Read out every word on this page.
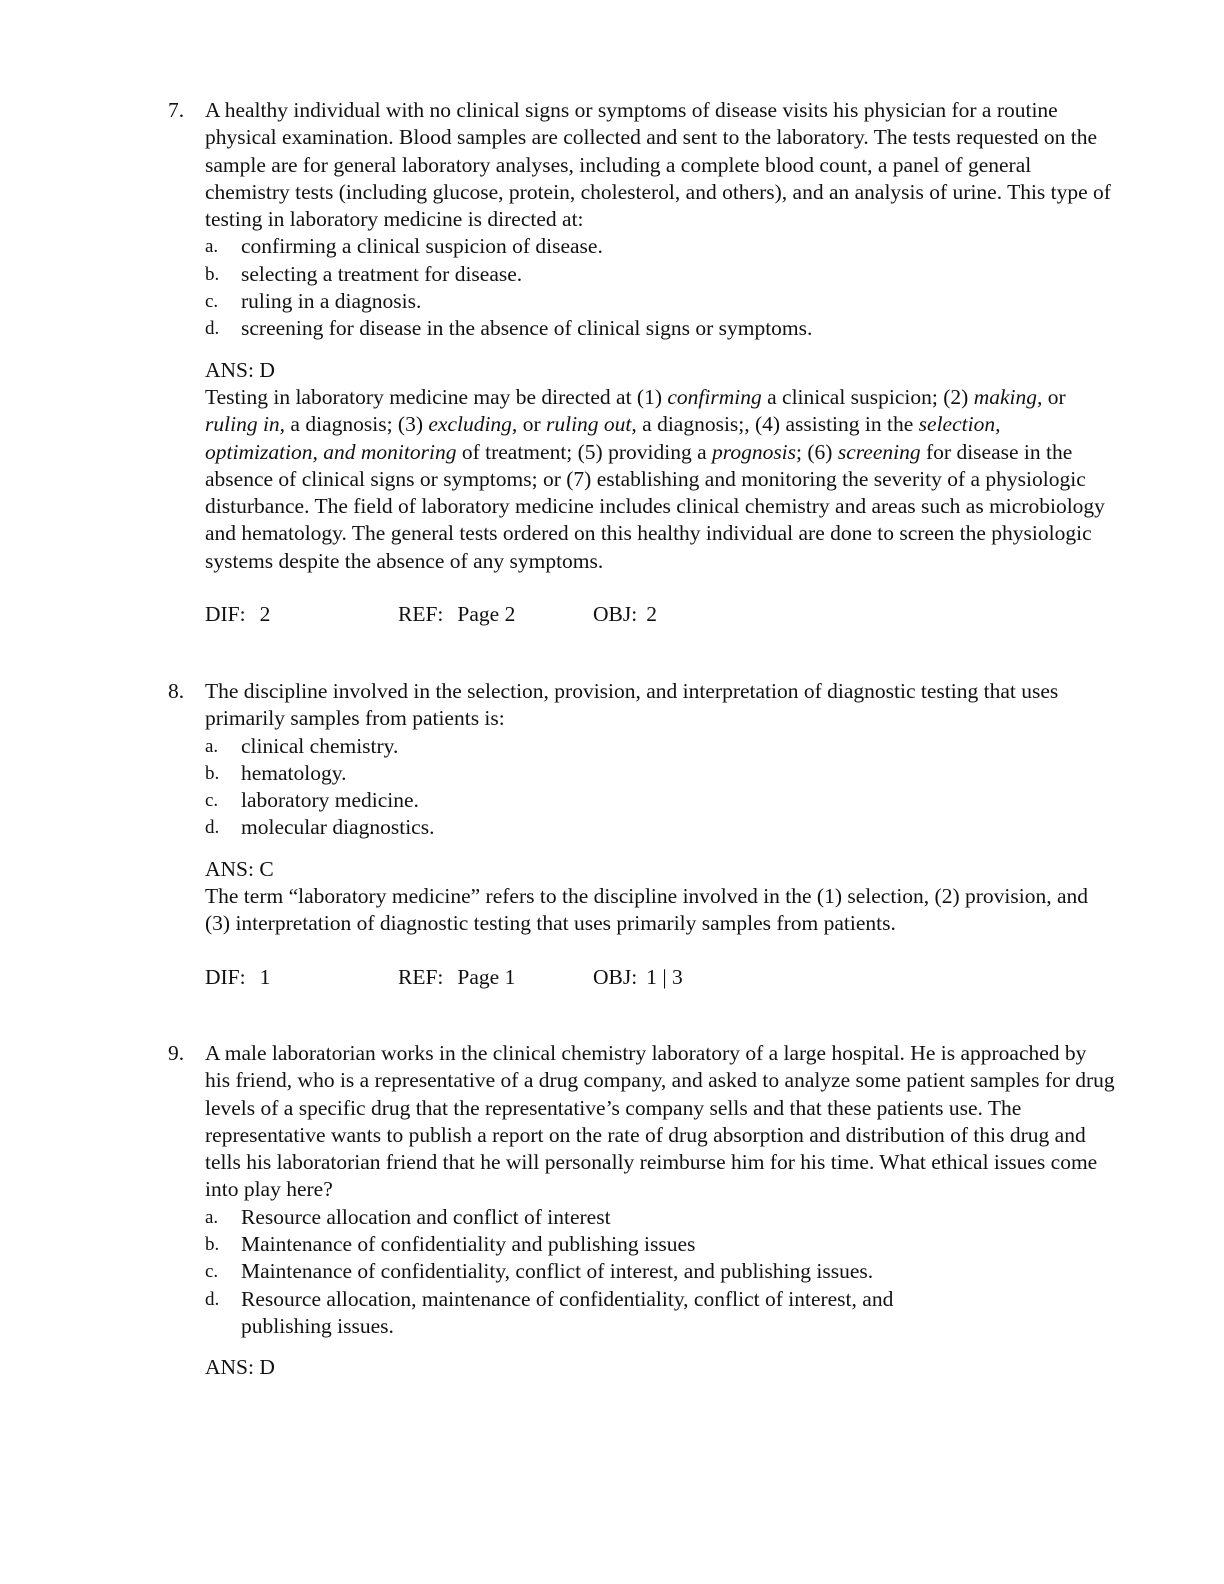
7. A healthy individual with no clinical signs or symptoms of disease visits his physician for a routine physical examination. Blood samples are collected and sent to the laboratory. The tests requested on the sample are for general laboratory analyses, including a complete blood count, a panel of general chemistry tests (including glucose, protein, cholesterol, and others), and an analysis of urine. This type of testing in laboratory medicine is directed at:
a. confirming a clinical suspicion of disease.
b. selecting a treatment for disease.
c. ruling in a diagnosis.
d. screening for disease in the absence of clinical signs or symptoms.
ANS: D
Testing in laboratory medicine may be directed at (1) confirming a clinical suspicion; (2) making, or ruling in, a diagnosis; (3) excluding, or ruling out, a diagnosis;, (4) assisting in the selection, optimization, and monitoring of treatment; (5) providing a prognosis; (6) screening for disease in the absence of clinical signs or symptoms; or (7) establishing and monitoring the severity of a physiologic disturbance. The field of laboratory medicine includes clinical chemistry and areas such as microbiology and hematology. The general tests ordered on this healthy individual are done to screen the physiologic systems despite the absence of any symptoms.
DIF: 2	REF: Page 2	OBJ: 2
8. The discipline involved in the selection, provision, and interpretation of diagnostic testing that uses primarily samples from patients is:
a. clinical chemistry.
b. hematology.
c. laboratory medicine.
d. molecular diagnostics.
ANS: C
The term “laboratory medicine” refers to the discipline involved in the (1) selection, (2) provision, and (3) interpretation of diagnostic testing that uses primarily samples from patients.
DIF: 1	REF: Page 1	OBJ: 1 | 3
9. A male laboratorian works in the clinical chemistry laboratory of a large hospital. He is approached by his friend, who is a representative of a drug company, and asked to analyze some patient samples for drug levels of a specific drug that the representative’s company sells and that these patients use. The representative wants to publish a report on the rate of drug absorption and distribution of this drug and tells his laboratorian friend that he will personally reimburse him for his time. What ethical issues come into play here?
a. Resource allocation and conflict of interest
b. Maintenance of confidentiality and publishing issues
c. Maintenance of confidentiality, conflict of interest, and publishing issues.
d. Resource allocation, maintenance of confidentiality, conflict of interest, and publishing issues.
ANS: D
